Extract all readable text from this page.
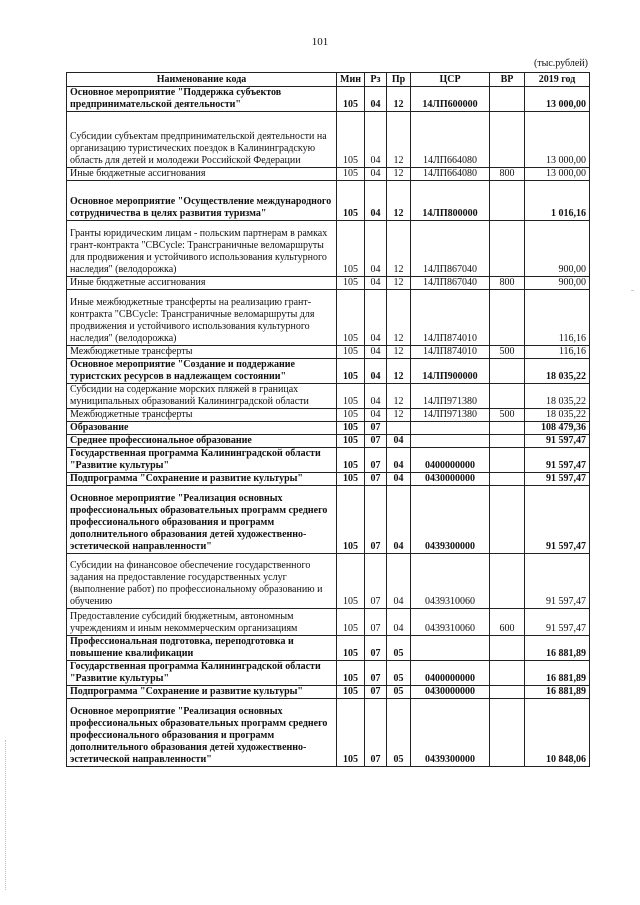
101
(тыс.рублей)
Наименование кода	Мин	Рз	Пр	ЦСР	ВР	2019 год
Основное мероприятие "Поддержка субъектов предпринимательской деятельности"	105	04	12	14ЛП600000		13 000,00
Субсидии субъектам предпринимательской деятельности на организацию туристических поездок в Калининградскую область для детей и молодежи Российской Федерации	105	04	12	14ЛП664080		13 000,00
Иные бюджетные ассигнования	105	04	12	14ЛП664080	800	13 000,00
Основное мероприятие "Осуществление международного сотрудничества в целях развития туризма"	105	04	12	14ЛП800000		1 016,16
Гранты юридическим лицам - польским партнерам в рамках грант-контракта "CBCycle: Трансграничные веломаршруты для продвижения и устойчивого использования культурного наследия" (велодорожка)	105	04	12	14ЛП867040		900,00
Иные бюджетные ассигнования	105	04	12	14ЛП867040	800	900,00
Иные межбюджетные трансферты на реализацию грант-контракта "CBCycle: Трансграничные веломаршруты для продвижения и устойчивого использования культурного наследия" (велодорожка)	105	04	12	14ЛП874010		116,16
Межбюджетные трансферты	105	04	12	14ЛП874010	500	116,16
Основное мероприятие "Создание и поддержание туристских ресурсов в надлежащем состоянии"	105	04	12	14ЛП900000		18 035,22
Субсидии на содержание морских пляжей в границах муниципальных образований Калининградской области	105	04	12	14ЛП971380		18 035,22
Межбюджетные трансферты	105	04	12	14ЛП971380	500	18 035,22
Образование	105	07				108 479,36
Среднее профессиональное образование	105	07	04			91 597,47
Государственная программа Калининградской области "Развитие культуры"	105	07	04	0400000000		91 597,47
Подпрограмма "Сохранение и развитие культуры"	105	07	04	0430000000		91 597,47
Основное мероприятие "Реализация основных профессиональных образовательных программ среднего профессионального образования и программ дополнительного образования детей художественно-эстетической направленности"	105	07	04	0439300000		91 597,47
Субсидии на финансовое обеспечение государственного задания на предоставление государственных услуг (выполнение работ) по профессиональному образованию и обучению	105	07	04	0439310060		91 597,47
Предоставление субсидий бюджетным, автономным учреждениям и иным некоммерческим организациям	105	07	04	0439310060	600	91 597,47
Профессиональная подготовка, переподготовка и повышение квалификации	105	07	05			16 881,89
Государственная программа Калининградской области "Развитие культуры"	105	07	05	0400000000		16 881,89
Подпрограмма "Сохранение и развитие культуры"	105	07	05	0430000000		16 881,89
Основное мероприятие "Реализация основных профессиональных образовательных программ среднего профессионального образования и программ дополнительного образования детей художественно-эстетической направленности"	105	07	05	0439300000		10 848,06
